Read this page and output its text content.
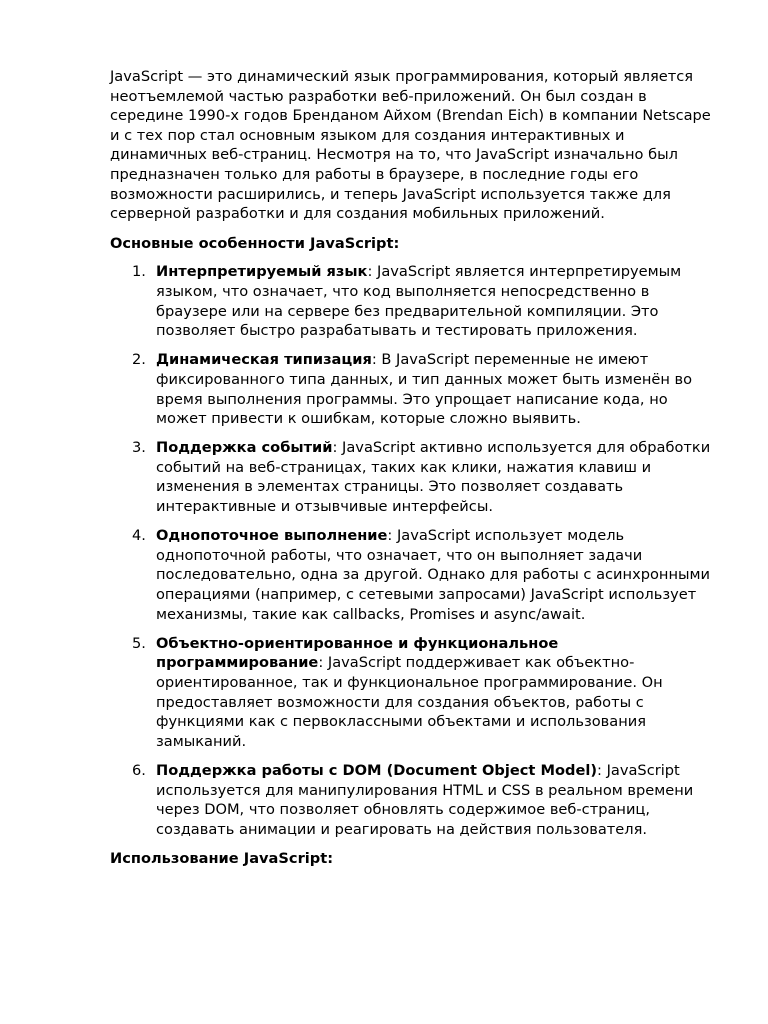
JavaScript — это динамический язык программирования, который является неотъемлемой частью разработки веб-приложений. Он был создан в середине 1990-х годов Бренданом Айхом (Brendan Eich) в компании Netscape и с тех пор стал основным языком для создания интерактивных и динамичных веб-страниц. Несмотря на то, что JavaScript изначально был предназначен только для работы в браузере, в последние годы его возможности расширились, и теперь JavaScript используется также для серверной разработки и для создания мобильных приложений.

Основные особенности JavaScript:
1. Интерпретируемый язык: JavaScript является интерпретируемым языком, что означает, что код выполняется непосредственно в браузере или на сервере без предварительной компиляции. Это позволяет быстро разрабатывать и тестировать приложения.
2. Динамическая типизация: В JavaScript переменные не имеют фиксированного типа данных, и тип данных может быть изменён во время выполнения программы. Это упрощает написание кода, но может привести к ошибкам, которые сложно выявить.
3. Поддержка событий: JavaScript активно используется для обработки событий на веб-страницах, таких как клики, нажатия клавиш и изменения в элементах страницы. Это позволяет создавать интерактивные и отзывчивые интерфейсы.
4. Однопоточное выполнение: JavaScript использует модель однопоточной работы, что означает, что он выполняет задачи последовательно, одна за другой. Однако для работы с асинхронными операциями (например, с сетевыми запросами) JavaScript использует механизмы, такие как callbacks, Promises и async/await.
5. Объектно-ориентированное и функциональное программирование: JavaScript поддерживает как объектно-ориентированное, так и функциональное программирование. Он предоставляет возможности для создания объектов, работы с функциями как с первоклассными объектами и использования замыканий.
6. Поддержка работы с DOM (Document Object Model): JavaScript используется для манипулирования HTML и CSS в реальном времени через DOM, что позволяет обновлять содержимое веб-страниц, создавать анимации и реагировать на действия пользователя.
Использование JavaScript:
